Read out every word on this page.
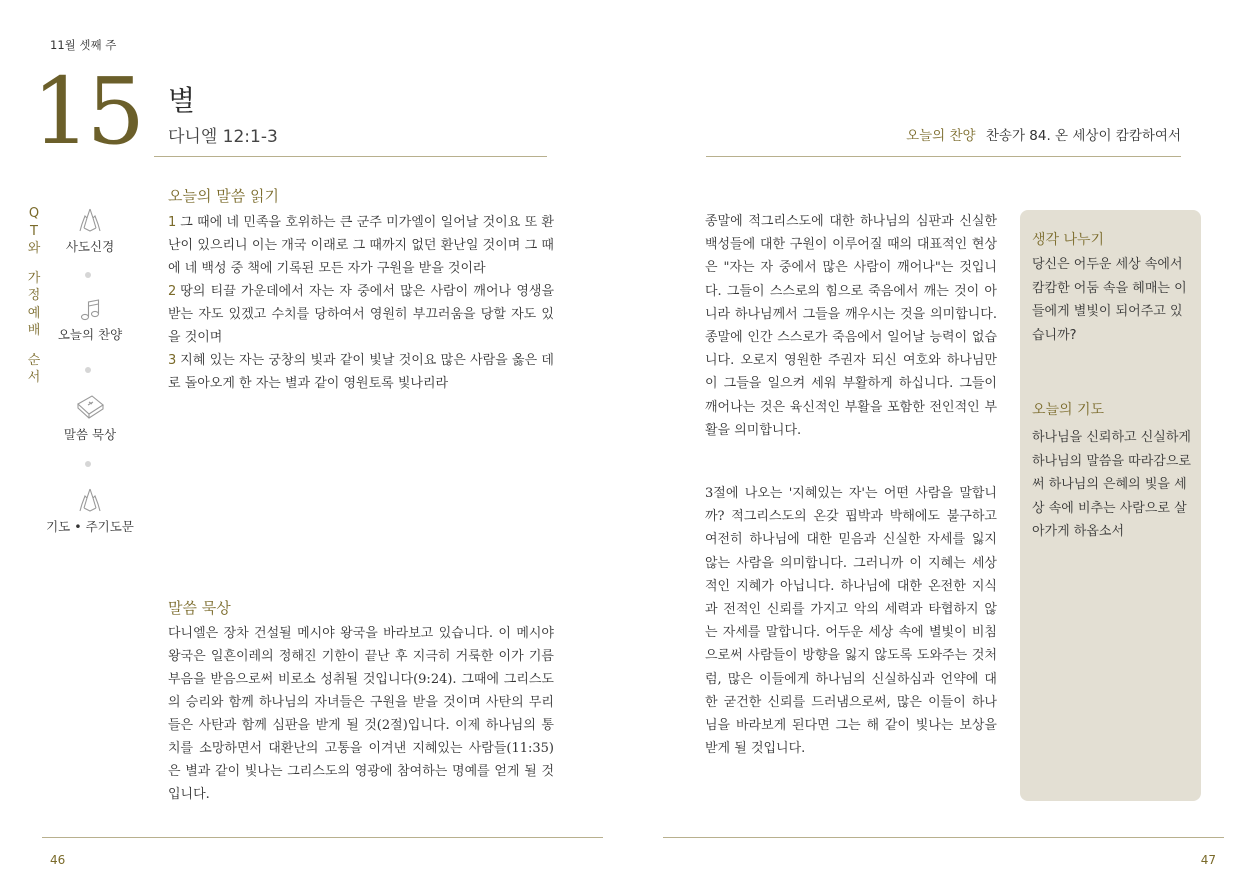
11월 셋째 주
15 별
다니엘 12:1-3	오늘의 찬양 찬송가 84. 온 세상이 캄캄하여서
Q
T
와
가
정
예
배
순
서
사도신경
오늘의 찬양
말씀 묵상
기도 • 주기도문
오늘의 말씀 읽기
1 그 때에 네 민족을 호위하는 큰 군주 미가엘이 일어날 것이요 또 환난이 있으리니 이는 개국 이래로 그 때까지 없던 환난일 것이며 그 때에 네 백성 중 책에 기록된 모든 자가 구원을 받을 것이라
2 땅의 티끌 가운데에서 자는 자 중에서 많은 사람이 깨어나 영생을 받는 자도 있겠고 수치를 당하여서 영원히 부끄러움을 당할 자도 있을 것이며
3 지혜 있는 자는 궁창의 빛과 같이 빛날 것이요 많은 사람을 옳은 데로 돌아오게 한 자는 별과 같이 영원토록 빛나리라
말씀 묵상
다니엘은 장차 건설될 메시야 왕국을 바라보고 있습니다. 이 메시야 왕국은 일흔이레의 정해진 기한이 끝난 후 지극히 거룩한 이가 기름부음을 받음으로써 비로소 성취될 것입니다(9:24). 그때에 그리스도의 승리와 함께 하나님의 자녀들은 구원을 받을 것이며 사탄의 무리들은 사탄과 함께 심판을 받게 될 것(2절)입니다. 이제 하나님의 통치를 소망하면서 대환난의 고통을 이겨낸 지혜있는 사람들(11:35)은 별과 같이 빛나는 그리스도의 영광에 참여하는 명예를 얻게 될 것입니다.
종말에 적그리스도에 대한 하나님의 심판과 신실한 백성들에 대한 구원이 이루어질 때의 대표적인 현상은 "자는 자 중에서 많은 사람이 깨어나"는 것입니다. 그들이 스스로의 힘으로 죽음에서 깨는 것이 아니라 하나님께서 그들을 깨우시는 것을 의미합니다. 종말에 인간 스스로가 죽음에서 일어날 능력이 없습니다. 오로지 영원한 주권자 되신 여호와 하나님만이 그들을 일으켜 세워 부활하게 하십니다. 그들이 깨어나는 것은 육신적인 부활을 포함한 전인적인 부활을 의미합니다.
3절에 나오는 '지혜있는 자'는 어떤 사람을 말합니까? 적그리스도의 온갖 핍박과 박해에도 불구하고 여전히 하나님에 대한 믿음과 신실한 자세를 잃지 않는 사람을 의미합니다. 그러니까 이 지혜는 세상적인 지혜가 아닙니다. 하나님에 대한 온전한 지식과 전적인 신뢰를 가지고 악의 세력과 타협하지 않는 자세를 말합니다. 어두운 세상 속에 별빛이 비침으로써 사람들이 방향을 잃지 않도록 도와주는 것처럼, 많은 이들에게 하나님의 신실하심과 언약에 대한 굳건한 신뢰를 드러냄으로써, 많은 이들이 하나님을 바라보게 된다면 그는 해 같이 빛나는 보상을 받게 될 것입니다.
생각 나누기
당신은 어두운 세상 속에서 캄캄한 어둠 속을 헤매는 이들에게 별빛이 되어주고 있습니까?
오늘의 기도
하나님을 신뢰하고 신실하게 하나님의 말씀을 따라감으로써 하나님의 은혜의 빛을 세상 속에 비추는 사람으로 살아가게 하옵소서
46	47
